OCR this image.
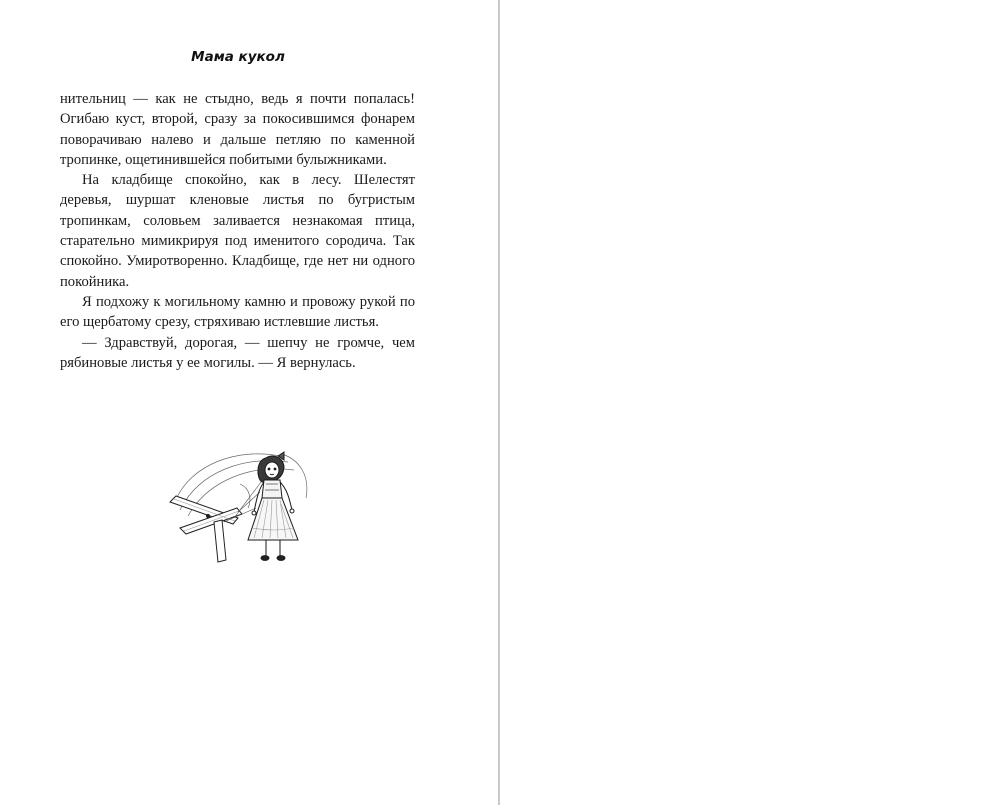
Мама кукол

нительниц — как не стыдно, ведь я почти попалась! Огибаю куст, второй, сразу за покосившимся фонарем поворачиваю налево и дальше петляю по каменной тропинке, ощетинившейся побитыми булыжниками.

На кладбище спокойно, как в лесу. Шелестят деревья, шуршат кленовые листья по бугристым тропинкам, соловьем заливается незнакомая птица, старательно мимикрируя под именитого сородича. Так спокойно. Умиротворенно. Кладбище, где нет ни одного покойника.

Я подхожу к могильному камню и провожу рукой по его щербатому срезу, стряхиваю истлевшие листья.

— Здравствуй, дорогая, — шепчу не громче, чем рябиновые листья у ее могилы. — Я вернулась.
